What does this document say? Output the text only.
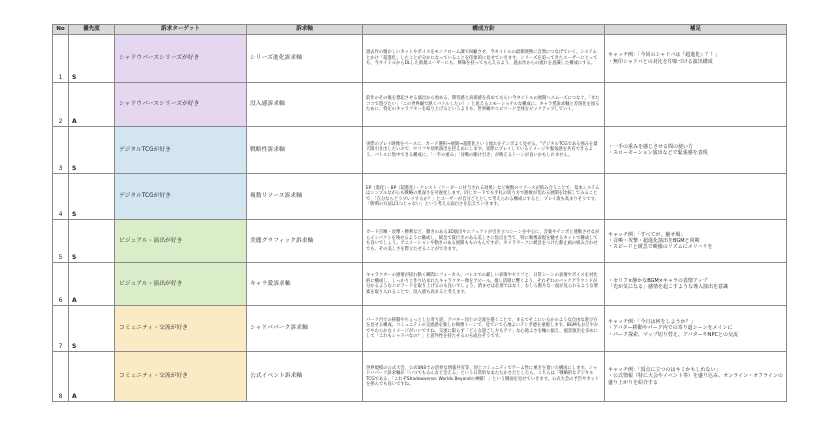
No	優先度	訴求ターゲット	訴求軸	構成方針	補足
1	S	シャドウバースシリーズが好き	シリーズ進化訴求軸	過去作の懐かしいカットやボイスをモノクローム調で回顧させ、今タイトルの最新映像に自然につなげていく。システムとかけ「超進化」したことが分かになっていることを印象的に見せていきます。シリーズを追ってきたユーザーにとっても、今タイトルからDLした新規ユーザーにも、興味を持ってもらえるよう、過去作からの流れを意識した構成にする。	キャッチ例：「今回のシャドバは『超進化』？！」
・無印シャドバとの対比を印象づける演出構成

2	A	シャドウバースシリーズが好き	没入感訴求軸	前作のその後を想起させる演出から始める。期待感と高揚感を高めてもらい今タイトルの展開へスムーズにつなぐ。「またココで遊びたい」「この世界観で熱くバトルしたい！」と思えるエモーショナルな構成に。キャラ愛訴求軸と差別化を図るために、特定のキャラクターを取り上げるというよりも、世界観やエピソード全体をピックアップしていく。	
3	S	デジタルTCGが好き	戦略性訴求軸	実際のプレイ映像をベースに、カード選択→展開→超進化という流れをテンポよく見せる。"デジタルTCGである強みを最大限引き出したいので、セリフや効果演出を控えめにします。実際にプレイしているイメージや緊張感を共有できるよう、バトルに集中できる構成に。「一手の重み」「対戦の駆け引き」が映えるトーンが良いかもしれません。	・一手の重みを感じさせる間の使い方
・スローモーション演出などで緊張感を表現

4	S	デジタルTCGが好き	複数リソース訴求軸	EP（進化）・BP（超進化）・クレスト（リーダーに付与される効果）など複数のリソースが絡み合うことで、基本システムはシンプルながらも戦略の奥深さを可視化します。同じカードでも手札の切り方で勝敗が変わる展開を比較してみることで、「自分ならどうプレイするか？」とユーザーが自分ごととして考えられる構成にすると、プレイ欲も高まりそうです。「勝利の方法は1つじゃない」という考える面白さを伝えていきます。	
5	S	ビジュアル・演出が好き	美麗グラフィック訴求軸	カード召喚・攻撃・勝利など、動きのある3D演出やエフェクトが引き立つシーンを中心に、音楽やテンポと連動させながらインパクトを残せるように構成し、緩急で貴行きのある美しさに焦点を当て、特に映像表現を魅せるカットで構成しても良いでしょう。アニメーションや動きのある展開もものもんですが、カメラワークに緩急をつけた静止画の組み合わせでも、その美しさを際立たせることができます。	キャッチ例：「すべてが、魅せ場」
・召喚・攻撃・超進化演出をBGMと同期
・スピードと緩急で映像のリズムにメリハリを

6	A	ビジュアル・演出が好き	キャラ愛訴求軸	キャラクターの感情が揺れ動く瞬間にフォーカス。バトルでの厳しい表情やセリフと、日常シーンの表情やボイスを対比的に構成し、しっかりと作り込まれたキャラクター像をアピール。推し活層に響くよう、それぞれのバックグラウンドが分かるようなエピソードを取り上げるのも良いでしょう。済ませは必須ではなく、むしろ断片な一面が見られるような要素を取り入れることで、没入感も高まると考えます。	・セリフ×静かなBGM×キャラの表情アップ
「先が気になる」感情を起こすような導入演出を意識

7	S	コミュニティ・交流が好き	シャドバパーク訴求軸	パーク内での移動やちょっとした寄り道、アバター同士の交流を描くことで、まるでそこにいるかのような自由な遊び方を見せる構成。コミュニティの交流感を楽しむ映像トーンで、見ていて心地よいテンポ感を重視します。BGMもおだやかでやわらかなイメージがいいですね。交流に限らず「どんな過ごし方もアリ」な心地よさを軸に据え、風景演出を多めにして「これもシャドバなの？」と意外性を持たせるのも面白そうです。	キャッチ例：「今日は何をしようか？」
・アバター移動やパーク内での寄り道シーンをメインに
・パーク探索、マップ切り替え、アバターやNPCとの交流

8	A	コミュニティ・交流が好き	公式イベント訴求軸	世界規模の公式大会、公式SNSでの活発な情報共有等、同じコミュニティでゲーム性に重きを置いた構成にします。シャドバパーク訴求軸が「いつでもみんなと会える」という日常的なあたたかさだとしたら、こちらは「戦略的なデジタルTCGである、「これぞShadowverse: Worlds Beyondの神髄！」という側面を見せていきます。公式大会の予告やカットを挟んでも良いですね。	キャッチ例：「頂点に立つのはキミかもしれない」
・公式情報（特に大会やイベント等）を盛り込み、オンライン・オフラインの盛り上がりを紹介する
